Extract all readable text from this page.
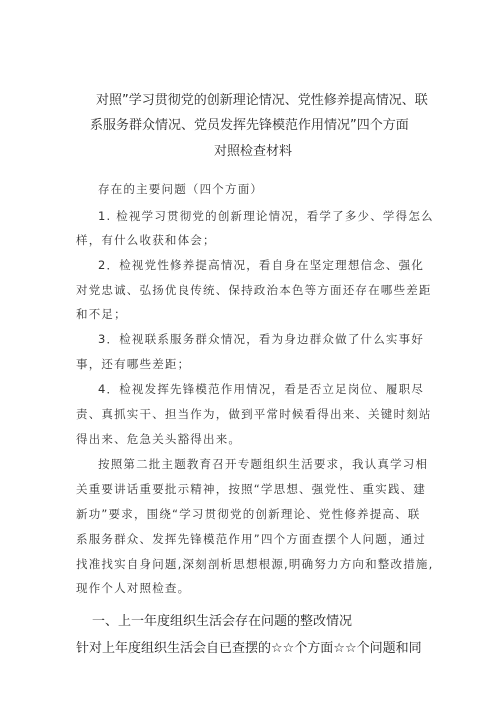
对照”学习贯彻党的创新理论情况、党性修养提高情况、联
系服务群众情况、党员发挥先锋模范作用情况”四个方面
对照检查材料
存在的主要问题（四个方面）
1. 检视学习贯彻党的创新理论情况，看学了多少、学得怎么
样，有什么收获和体会；
2．检视党性修养提高情况，看自身在坚定理想信念、强化
对党忠诚、弘扬优良传统、保持政治本色等方面还存在哪些差距
和不足；
3．检视联系服务群众情况，看为身边群众做了什么实事好
事，还有哪些差距；
4．检视发挥先锋模范作用情况，看是否立足岗位、履职尽
责、真抓实干、担当作为，做到平常时候看得出来、关键时刻站
得出来、危急关头豁得出来。
按照第二批主题教育召开专题组织生活要求，我认真学习相
关重要讲话重要批示精神，按照“学思想、强党性、重实践、建
新功”要求，围绕“学习贯彻党的创新理论、党性修养提高、联
系服务群众、发挥先锋模范作用”四个方面查摆个人问题，通过
找准找实自身问题,深刻剖析思想根源,明确努力方向和整改措施,
现作个人对照检查。
一、上一年度组织生活会存在问题的整改情况
针对上年度组织生活会自已查摆的☆☆个方面☆☆个问题和同
